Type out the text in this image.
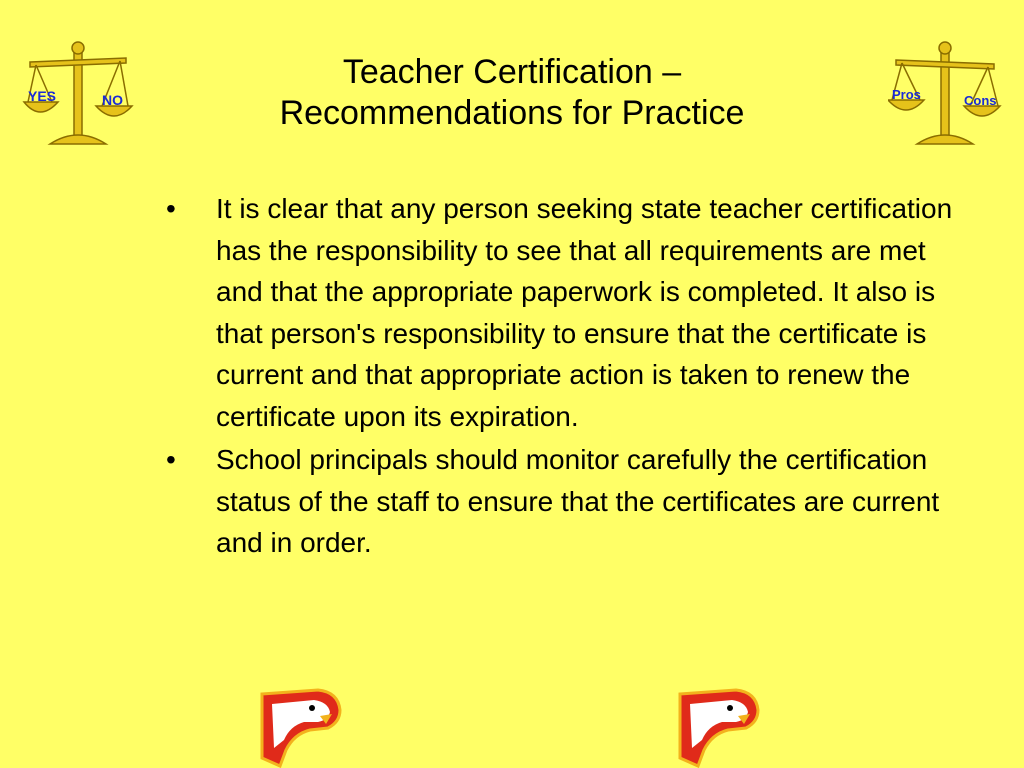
YES	NO
Teacher Certification –
Recommendations for Practice	Pros	Cons
• It is clear that any person seeking state teacher certification has the responsibility to see that all requirements are met and that the appropriate paperwork is completed. It also is that person's responsibility to ensure that the certificate is current and that appropriate action is taken to renew the certificate upon its expiration.
• School principals should monitor carefully the certification status of the staff to ensure that the certificates are current and in order.
